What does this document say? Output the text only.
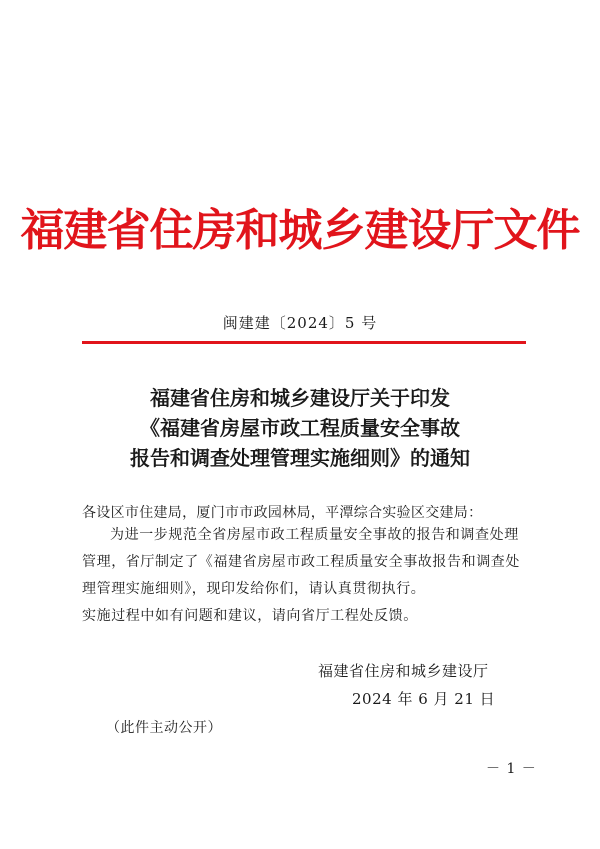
福建省住房和城乡建设厅文件
闽建建〔2024〕5 号
福建省住房和城乡建设厅关于印发
《福建省房屋市政工程质量安全事故
报告和调查处理管理实施细则》的通知
各设区市住建局，厦门市市政园林局，平潭综合实验区交建局：

为进一步规范全省房屋市政工程质量安全事故的报告和调查处理管理，省厅制定了《福建省房屋市政工程质量安全事故报告和调查处理管理实施细则》，现印发给你们，请认真贯彻执行。

实施过程中如有问题和建议，请向省厅工程处反馈。

福建省住房和城乡建设厅
2024 年 6 月 21 日
（此件主动公开）
－ 1 －
